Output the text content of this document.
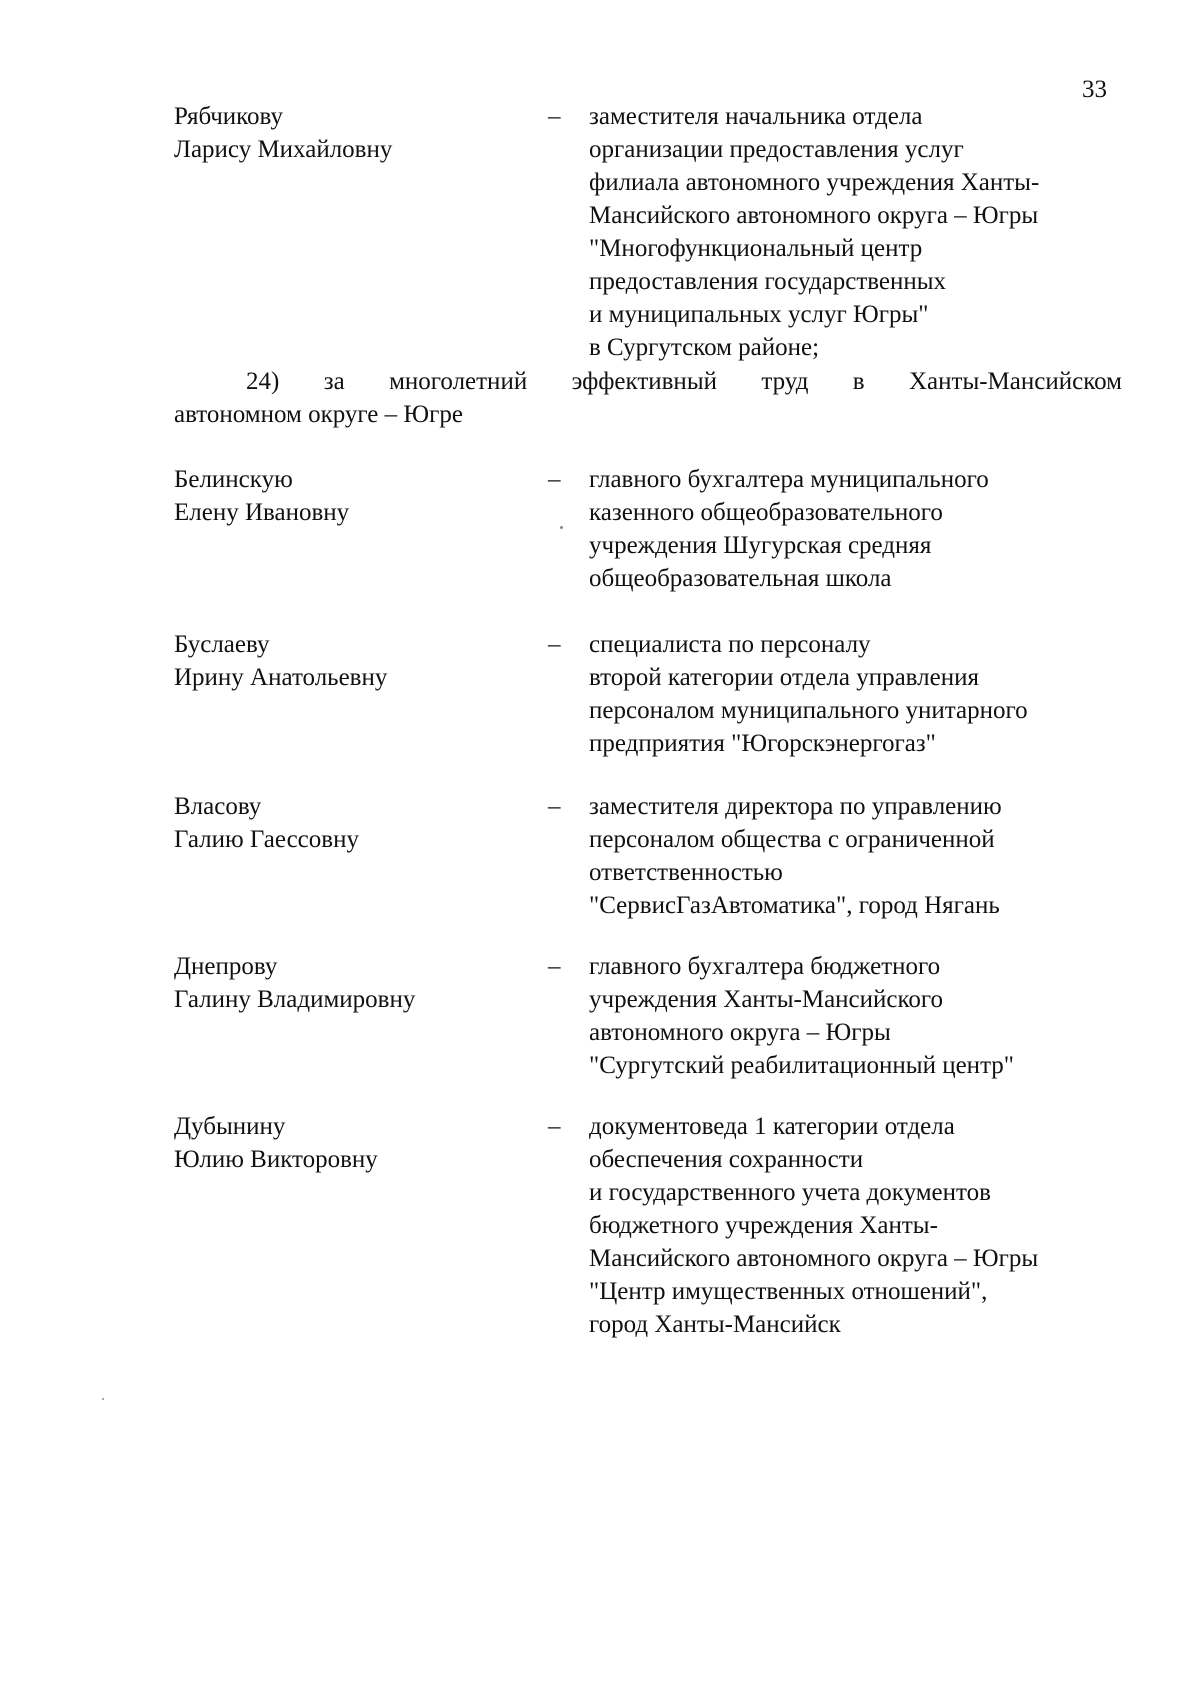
33
Рябчикову
Ларису Михайловну
–	заместителя начальника отдела
организации предоставления услуг
филиала автономного учреждения Ханты-
Мансийского автономного округа – Югры
"Многофункциональный центр
предоставления государственных
и муниципальных услуг Югры"
в Сургутском районе;
24) за многолетний эффективный труд в Ханты-Мансийском
автономном округе – Югре
Белинскую
Елену Ивановну
–	главного бухгалтера муниципального
казенного общеобразовательного
учреждения Шугурская средняя
общеобразовательная школа
Буслаеву
Ирину Анатольевну
–	специалиста по персоналу
второй категории отдела управления
персоналом муниципального унитарного
предприятия "Югорскэнергогаз"
Власову
Галию Гаессовну
–	заместителя директора по управлению
персоналом общества с ограниченной
ответственностью
"СервисГазАвтоматика", город Нягань
Днепрову
Галину Владимировну
–	главного бухгалтера бюджетного
учреждения Ханты-Мансийского
автономного округа – Югры
"Сургутский реабилитационный центр"
Дубынину
Юлию Викторовну
–	документоведа 1 категории отдела
обеспечения сохранности
и государственного учета документов
бюджетного учреждения Ханты-
Мансийского автономного округа – Югры
"Центр имущественных отношений",
город Ханты-Мансийск
